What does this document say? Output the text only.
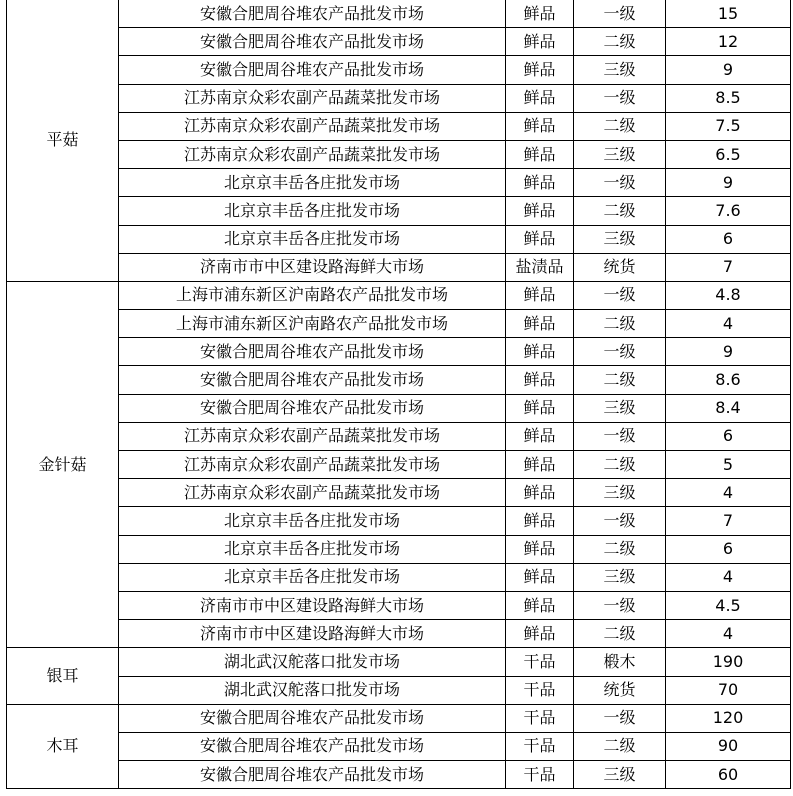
平菇	安徽合肥周谷堆农产品批发市场	鲜品	一级	15
	安徽合肥周谷堆农产品批发市场	鲜品	二级	12
	安徽合肥周谷堆农产品批发市场	鲜品	三级	9
	江苏南京众彩农副产品蔬菜批发市场	鲜品	一级	8.5
	江苏南京众彩农副产品蔬菜批发市场	鲜品	二级	7.5
	江苏南京众彩农副产品蔬菜批发市场	鲜品	三级	6.5
	北京京丰岳各庄批发市场	鲜品	一级	9
	北京京丰岳各庄批发市场	鲜品	二级	7.6
	北京京丰岳各庄批发市场	鲜品	三级	6
	济南市市中区建设路海鲜大市场	盐渍品	统货	7
金针菇	上海市浦东新区沪南路农产品批发市场	鲜品	一级	4.8
	上海市浦东新区沪南路农产品批发市场	鲜品	二级	4
	安徽合肥周谷堆农产品批发市场	鲜品	一级	9
	安徽合肥周谷堆农产品批发市场	鲜品	二级	8.6
	安徽合肥周谷堆农产品批发市场	鲜品	三级	8.4
	江苏南京众彩农副产品蔬菜批发市场	鲜品	一级	6
	江苏南京众彩农副产品蔬菜批发市场	鲜品	二级	5
	江苏南京众彩农副产品蔬菜批发市场	鲜品	三级	4
	北京京丰岳各庄批发市场	鲜品	一级	7
	北京京丰岳各庄批发市场	鲜品	二级	6
	北京京丰岳各庄批发市场	鲜品	三级	4
	济南市市中区建设路海鲜大市场	鲜品	一级	4.5
	济南市市中区建设路海鲜大市场	鲜品	二级	4
银耳	湖北武汉舵落口批发市场	干品	椴木	190
	湖北武汉舵落口批发市场	干品	统货	70
木耳	安徽合肥周谷堆农产品批发市场	干品	一级	120
	安徽合肥周谷堆农产品批发市场	干品	二级	90
	安徽合肥周谷堆农产品批发市场	干品	三级	60
